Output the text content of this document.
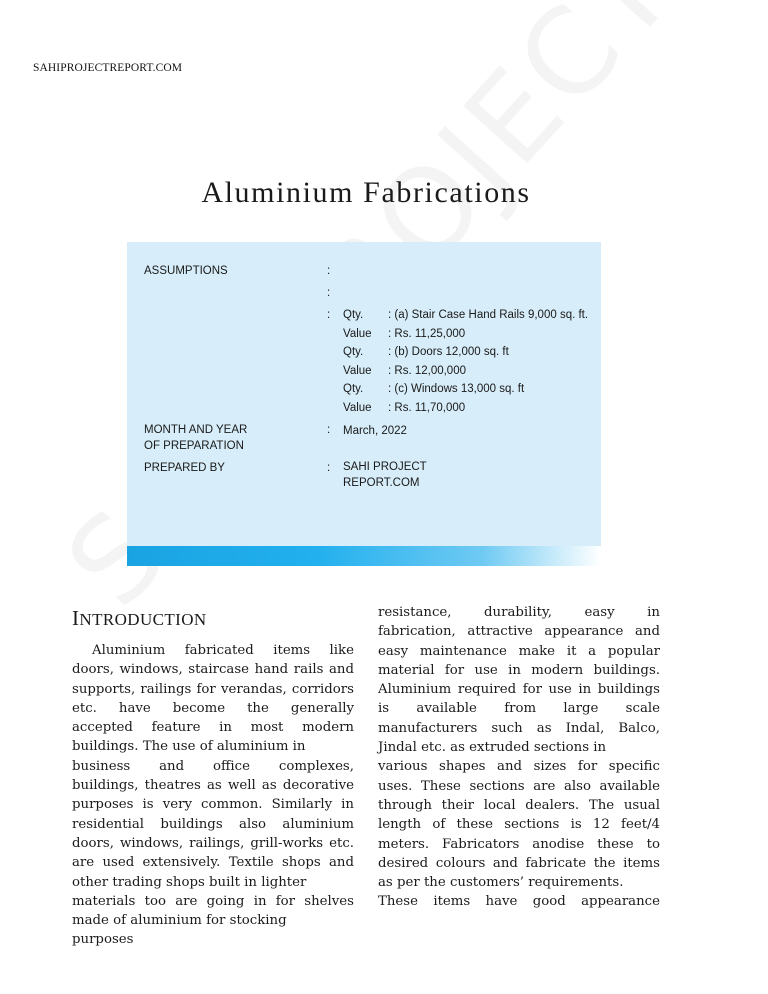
SAHIPROJECTREPORT.COM
Aluminium Fabrications
ASSUMPTIONS	:
:
: Qty. : (a) Stair Case Hand Rails 9,000 sq. ft.
Value : Rs. 11,25,000
Qty. : (b) Doors 12,000 sq. ft
Value : Rs. 12,00,000
Qty. : (c) Windows 13,000 sq. ft
Value : Rs. 11,70,000
MONTH AND YEAR
OF PREPARATION
: March, 2022
PREPARED BY	: SAHI PROJECT
REPORT.COM
INTRODUCTION
Aluminium fabricated items like
doors, windows, staircase hand rails and
supports, railings for verandas, corridors
etc. have become the generally
accepted feature in most modern
buildings. The use of aluminium in
business and office complexes,
buildings, theatres as well as decorative
purposes is very common. Similarly in
residential buildings also aluminium
doors, windows, railings, grill-works etc.
are used extensively. Textile shops and
other trading shops built in lighter
materials too are going in for shelves
made of aluminium for stocking
purposes
resistance, durability, easy in
fabrication, attractive appearance and
easy maintenance make it a popular
material for use in modern buildings.
Aluminium required for use in buildings
is available from large scale
manufacturers such as Indal, Balco,
Jindal etc. as extruded sections in
various shapes and sizes for specific
uses. These sections are also available
through their local dealers. The usual
length of these sections is 12 feet/4
meters. Fabricators anodise these to
desired colours and fabricate the items
as per the customers’ requirements.
These items have good appearance
